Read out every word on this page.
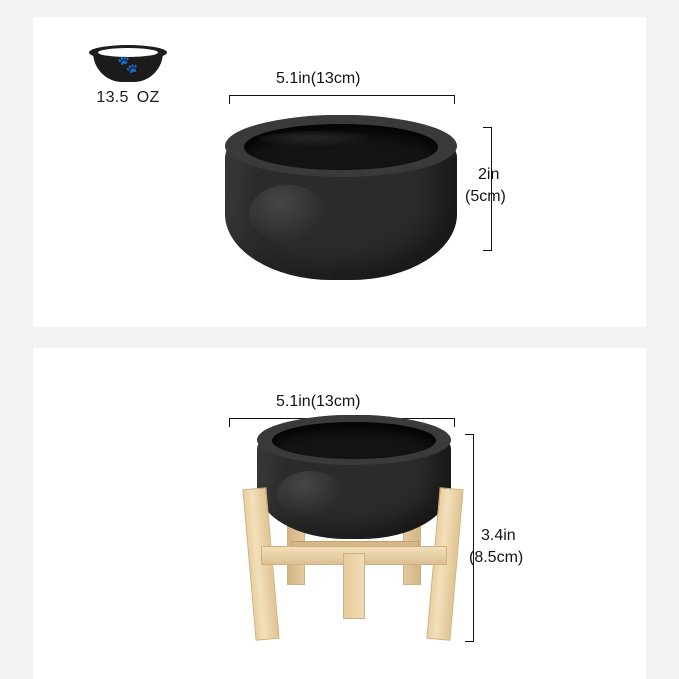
🐾
13.5 OZ
5.1in(13cm)
2in
(5cm)
5.1in(13cm)
3.4in
(8.5cm)
